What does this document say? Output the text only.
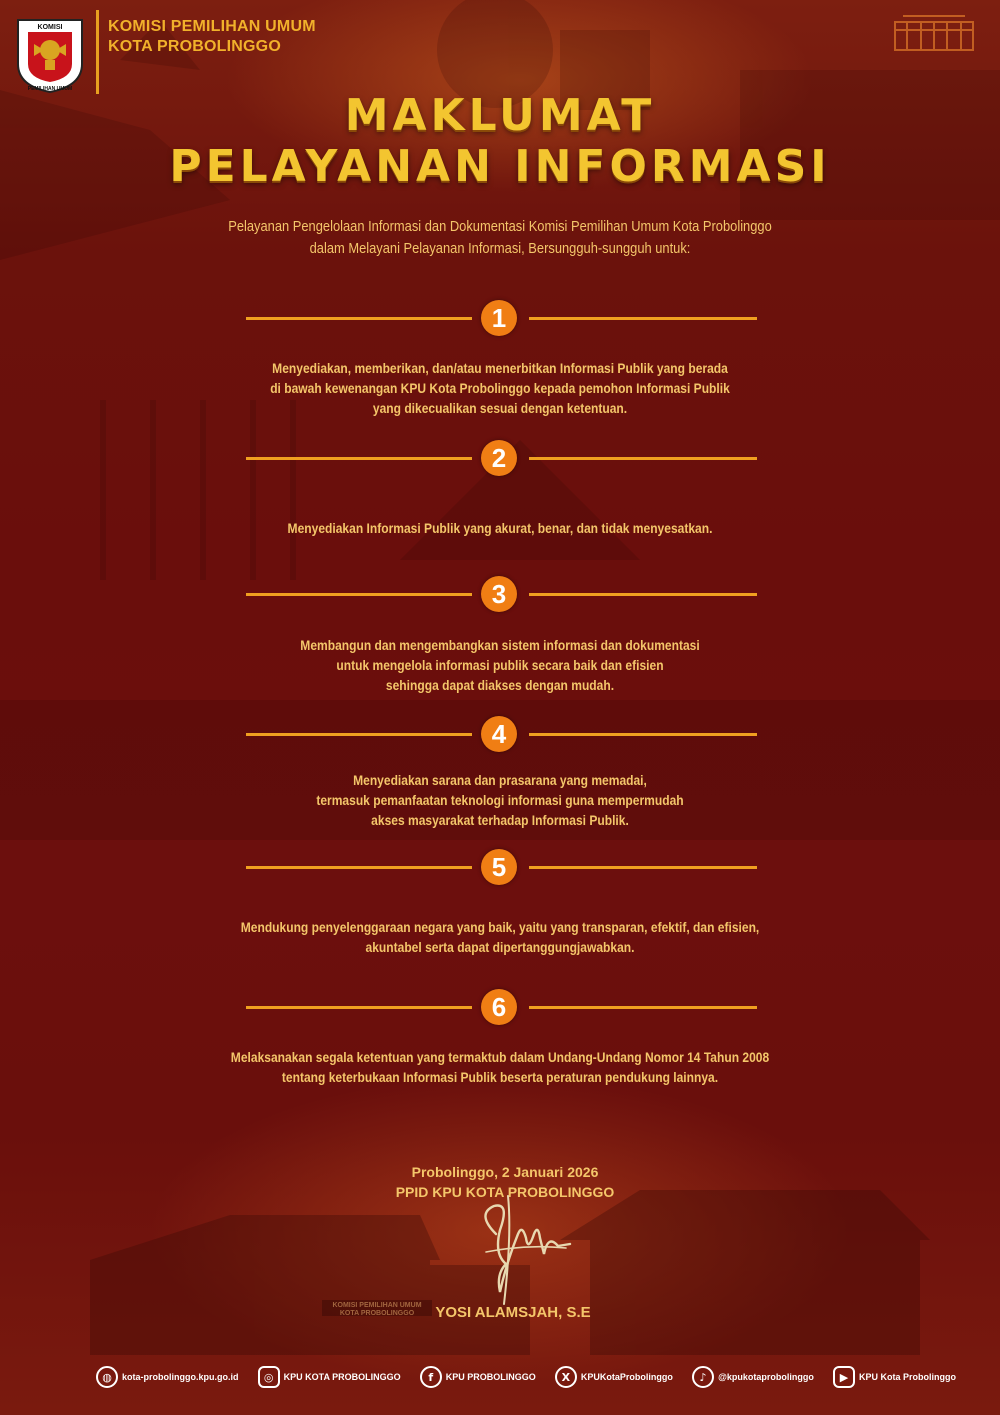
KOMISI PEMILIHAN UMUM
KOTA PROBOLINGGO
KOMISI
PEMILIHAN UMUM
KOMISI PEMILIHAN UMUM
KOTA PROBOLINGGO
MAKLUMAT
PELAYANAN INFORMASI
Pelayanan Pengelolaan Informasi dan Dokumentasi Komisi Pemilihan Umum Kota Probolinggo
dalam Melayani Pelayanan Informasi, Bersungguh-sungguh untuk:
1
Menyediakan, memberikan, dan/atau menerbitkan Informasi Publik yang berada
di bawah kewenangan KPU Kota Probolinggo kepada pemohon Informasi Publik
yang dikecualikan sesuai dengan ketentuan.
2
Menyediakan Informasi Publik yang akurat, benar, dan tidak menyesatkan.
3
Membangun dan mengembangkan sistem informasi dan dokumentasi
untuk mengelola informasi publik secara baik dan efisien
sehingga dapat diakses dengan mudah.
4
Menyediakan sarana dan prasarana yang memadai,
termasuk pemanfaatan teknologi informasi guna mempermudah
akses masyarakat terhadap Informasi Publik.
5
Mendukung penyelenggaraan negara yang baik, yaitu yang transparan, efektif, dan efisien,
akuntabel serta dapat dipertanggungjawabkan.
6
Melaksanakan segala ketentuan yang termaktub dalam Undang-Undang Nomor 14 Tahun 2008
tentang keterbukaan Informasi Publik beserta peraturan pendukung lainnya.
Probolinggo, 2 Januari 2026
PPID KPU KOTA PROBOLINGGO
YOSI ALAMSJAH, S.E
◍	kota-probolinggo.kpu.go.id	◎	KPU KOTA PROBOLINGGO	f	KPU PROBOLINGGO	X	KPUKotaProbolinggo	♪	@kpukotaprobolinggo	▶	KPU Kota Probolinggo
